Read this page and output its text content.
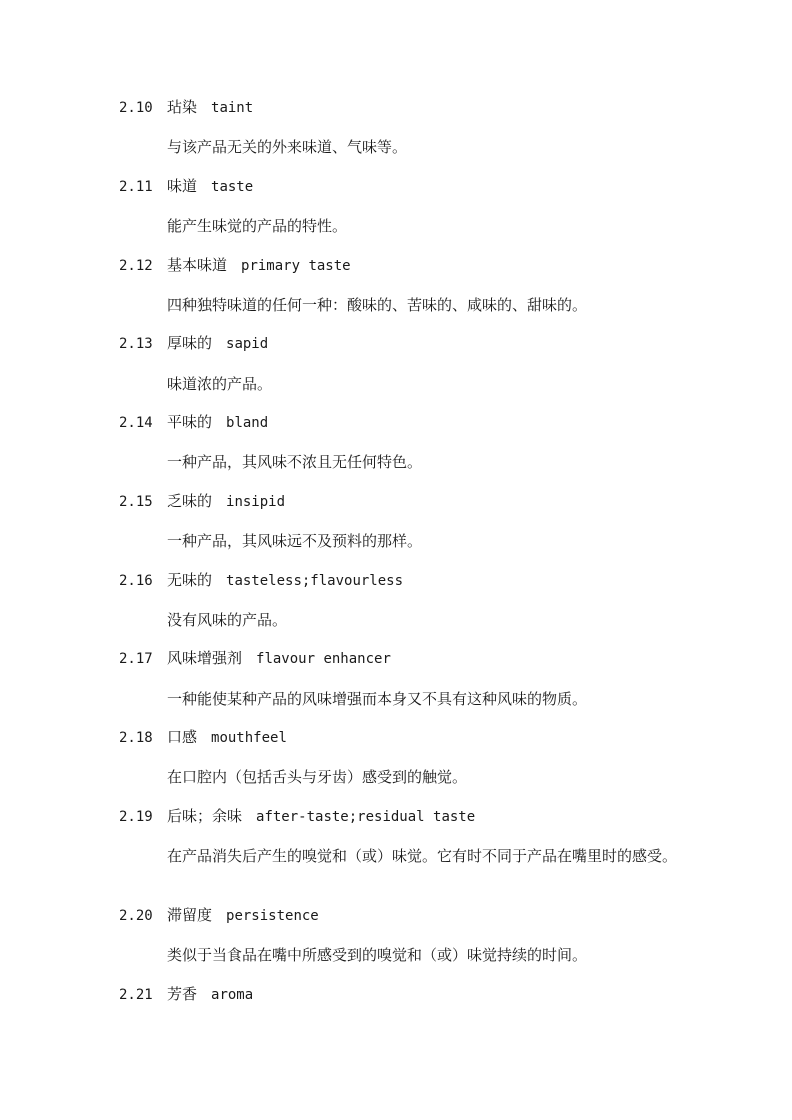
2.10 玷染 taint
与该产品无关的外来味道、气味等。
2.11 味道 taste
能产生味觉的产品的特性。
2.12 基本味道 primary taste
四种独特味道的任何一种：酸味的、苦味的、咸味的、甜味的。
2.13 厚味的 sapid
味道浓的产品。
2.14 平味的 bland
一种产品，其风味不浓且无任何特色。
2.15 乏味的 insipid
一种产品，其风味远不及预料的那样。
2.16 无味的 tasteless;flavourless
没有风味的产品。
2.17 风味增强剂 flavour enhancer
一种能使某种产品的风味增强而本身又不具有这种风味的物质。
2.18 口感 mouthfeel
在口腔内（包括舌头与牙齿）感受到的触觉。
2.19 后味；余味 after-taste;residual taste
在产品消失后产生的嗅觉和（或）味觉。它有时不同于产品在嘴里时的感受。
2.20 滞留度 persistence
类似于当食品在嘴中所感受到的嗅觉和（或）味觉持续的时间。
2.21 芳香 aroma
